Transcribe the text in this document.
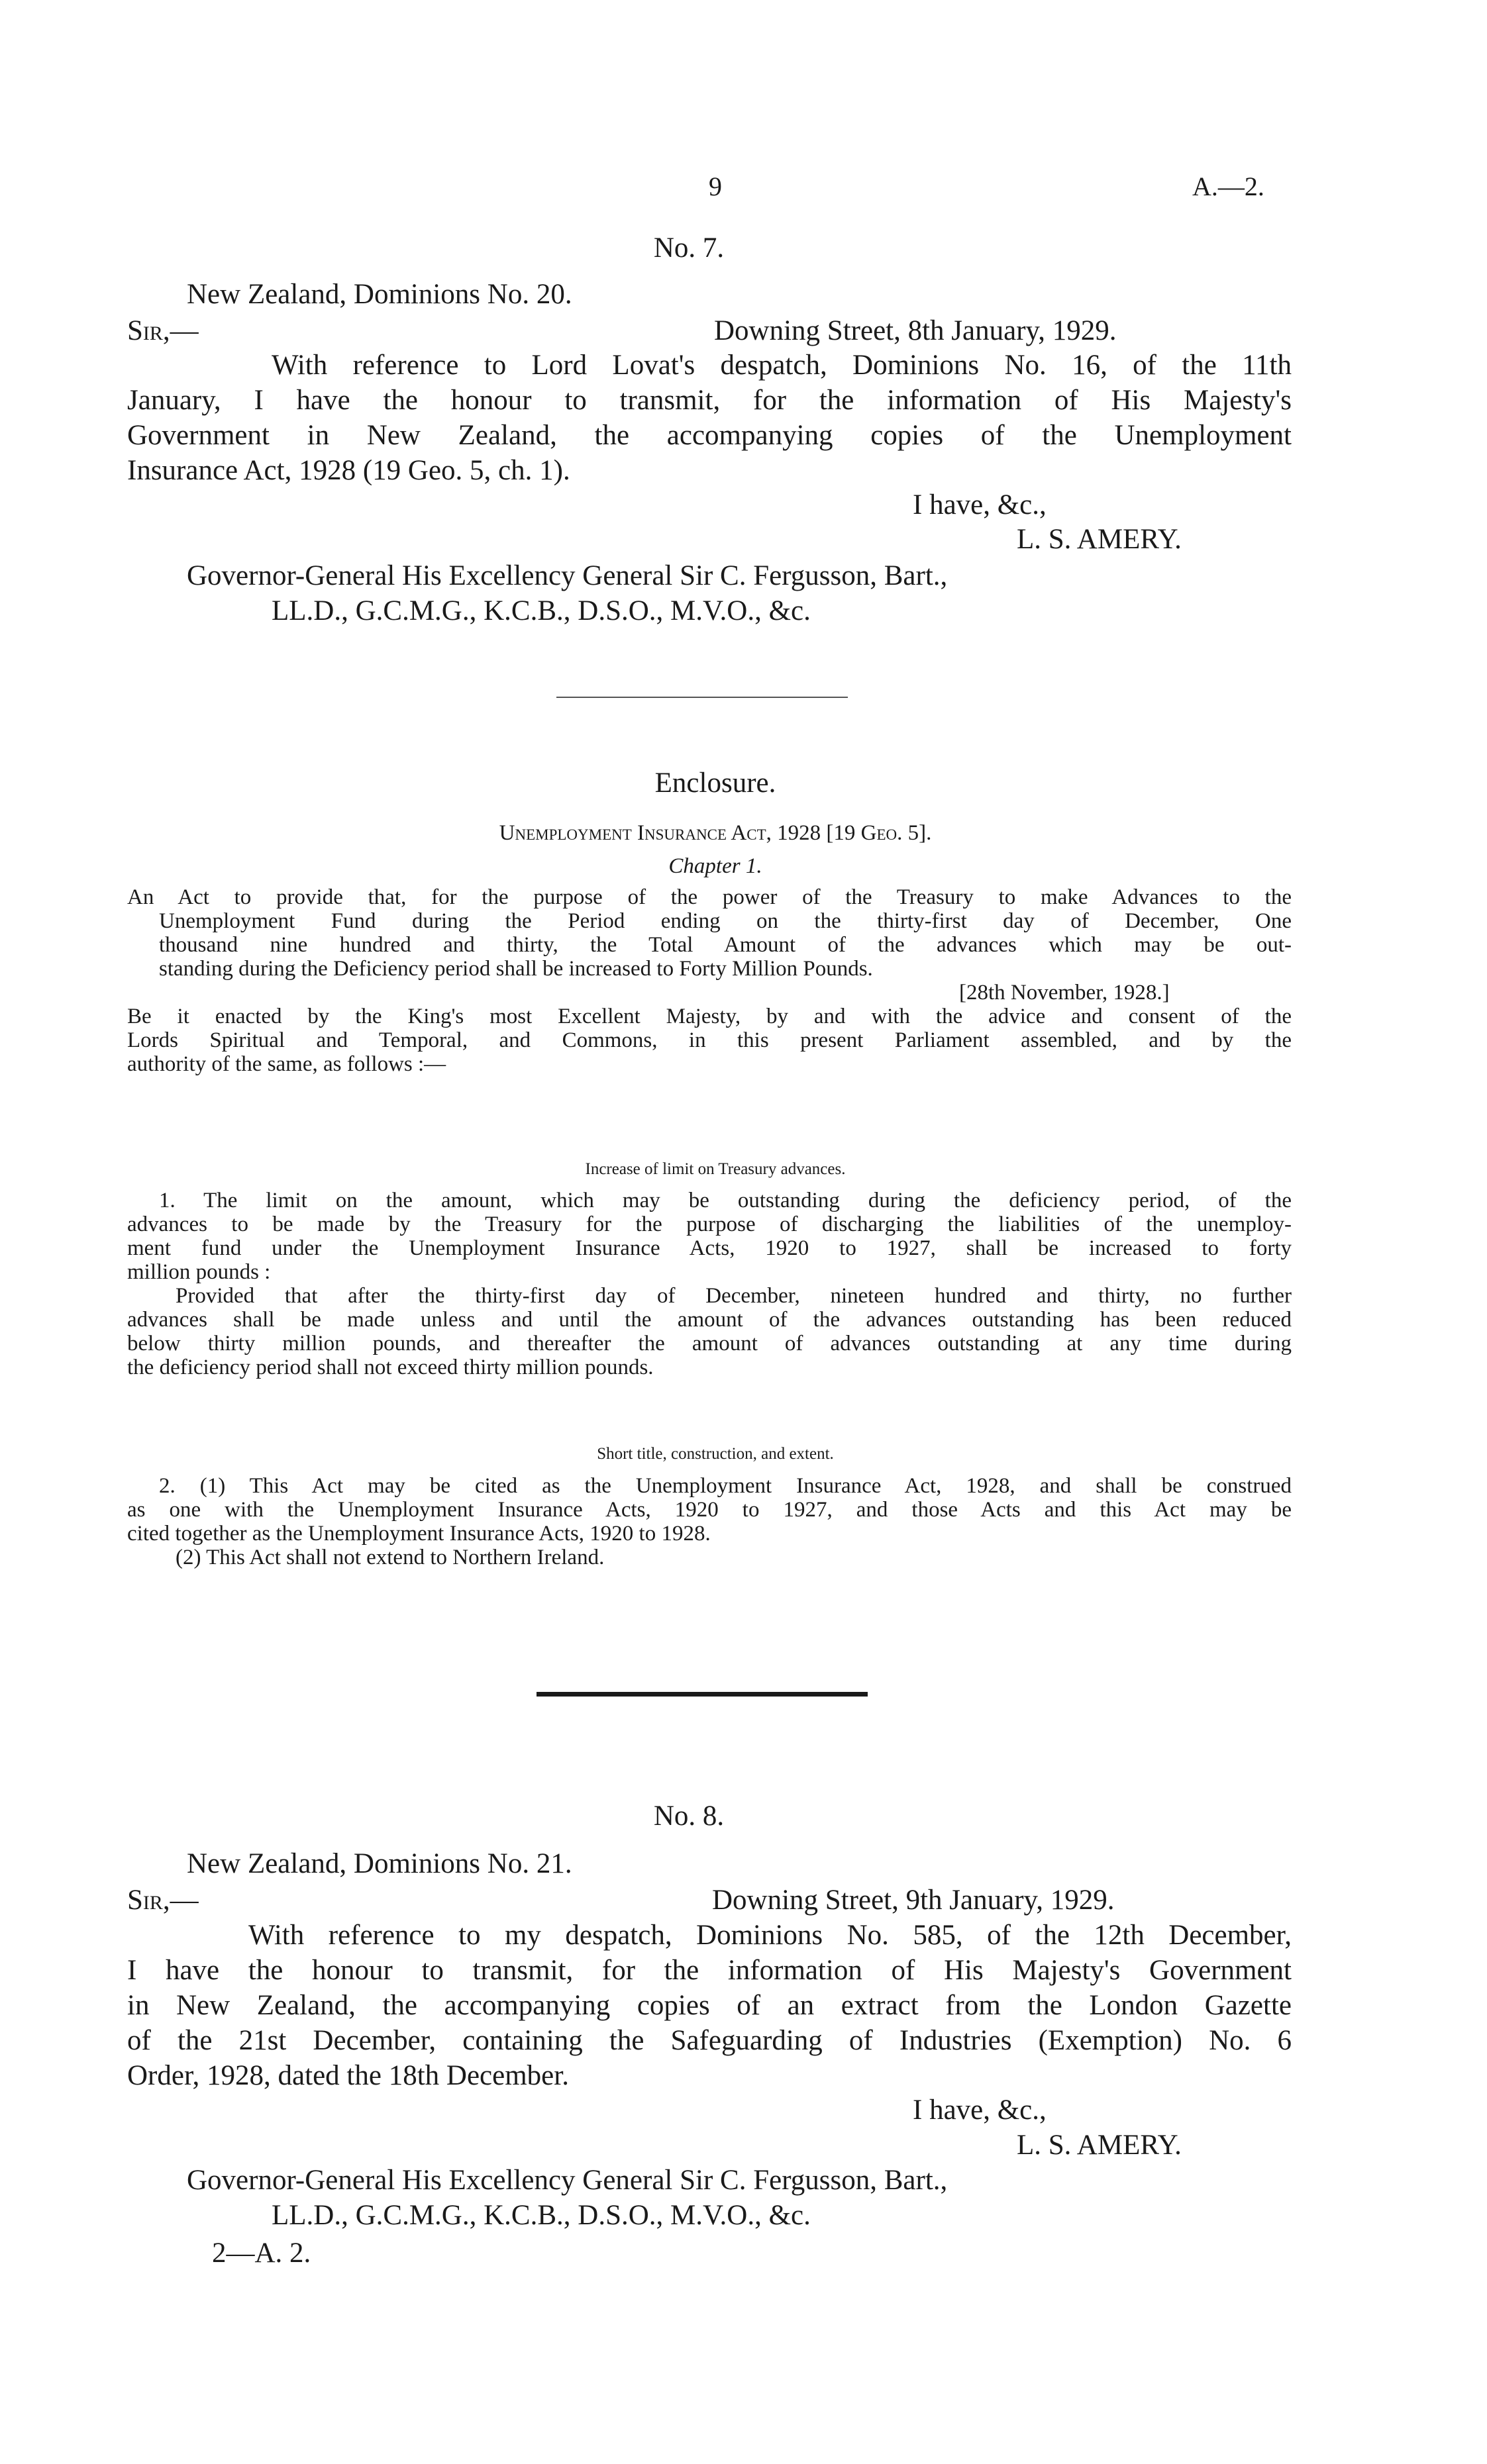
9	A.—2.
No. 7.
New Zealand, Dominions No. 20.
Sir,—	Downing Street, 8th January, 1929.
With reference to Lord Lovat's despatch, Dominions No. 16, of the 11th
January, I have the honour to transmit, for the information of His Majesty's
Government in New Zealand, the accompanying copies of the Unemployment
Insurance Act, 1928 (19 Geo. 5, ch. 1).
I have, &c.,
L. S. AMERY.
Governor-General His Excellency General Sir C. Fergusson, Bart.,
LL.D., G.C.M.G., K.C.B., D.S.O., M.V.O., &c.
Enclosure.
Unemployment Insurance Act, 1928 [19 Geo. 5].
Chapter 1.
An Act to provide that, for the purpose of the power of the Treasury to make Advances to the
Unemployment Fund during the Period ending on the thirty-first day of December, One
thousand nine hundred and thirty, the Total Amount of the advances which may be out-
standing during the Deficiency period shall be increased to Forty Million Pounds.
[28th November, 1928.]
Be it enacted by the King's most Excellent Majesty, by and with the advice and consent of the
Lords Spiritual and Temporal, and Commons, in this present Parliament assembled, and by the
authority of the same, as follows :—
Increase of limit on Treasury advances.
1. The limit on the amount, which may be outstanding during the deficiency period, of the
advances to be made by the Treasury for the purpose of discharging the liabilities of the unemploy-
ment fund under the Unemployment Insurance Acts, 1920 to 1927, shall be increased to forty
million pounds :
Provided that after the thirty-first day of December, nineteen hundred and thirty, no further
advances shall be made unless and until the amount of the advances outstanding has been reduced
below thirty million pounds, and thereafter the amount of advances outstanding at any time during
the deficiency period shall not exceed thirty million pounds.
Short title, construction, and extent.
2. (1) This Act may be cited as the Unemployment Insurance Act, 1928, and shall be construed
as one with the Unemployment Insurance Acts, 1920 to 1927, and those Acts and this Act may be
cited together as the Unemployment Insurance Acts, 1920 to 1928.
(2) This Act shall not extend to Northern Ireland.
No. 8.
New Zealand, Dominions No. 21.
Sir,—	Downing Street, 9th January, 1929.
With reference to my despatch, Dominions No. 585, of the 12th December,
I have the honour to transmit, for the information of His Majesty's Government
in New Zealand, the accompanying copies of an extract from the London Gazette
of the 21st December, containing the Safeguarding of Industries (Exemption) No. 6
Order, 1928, dated the 18th December.
I have, &c.,
L. S. AMERY.
Governor-General His Excellency General Sir C. Fergusson, Bart.,
LL.D., G.C.M.G., K.C.B., D.S.O., M.V.O., &c.
2—A. 2.
